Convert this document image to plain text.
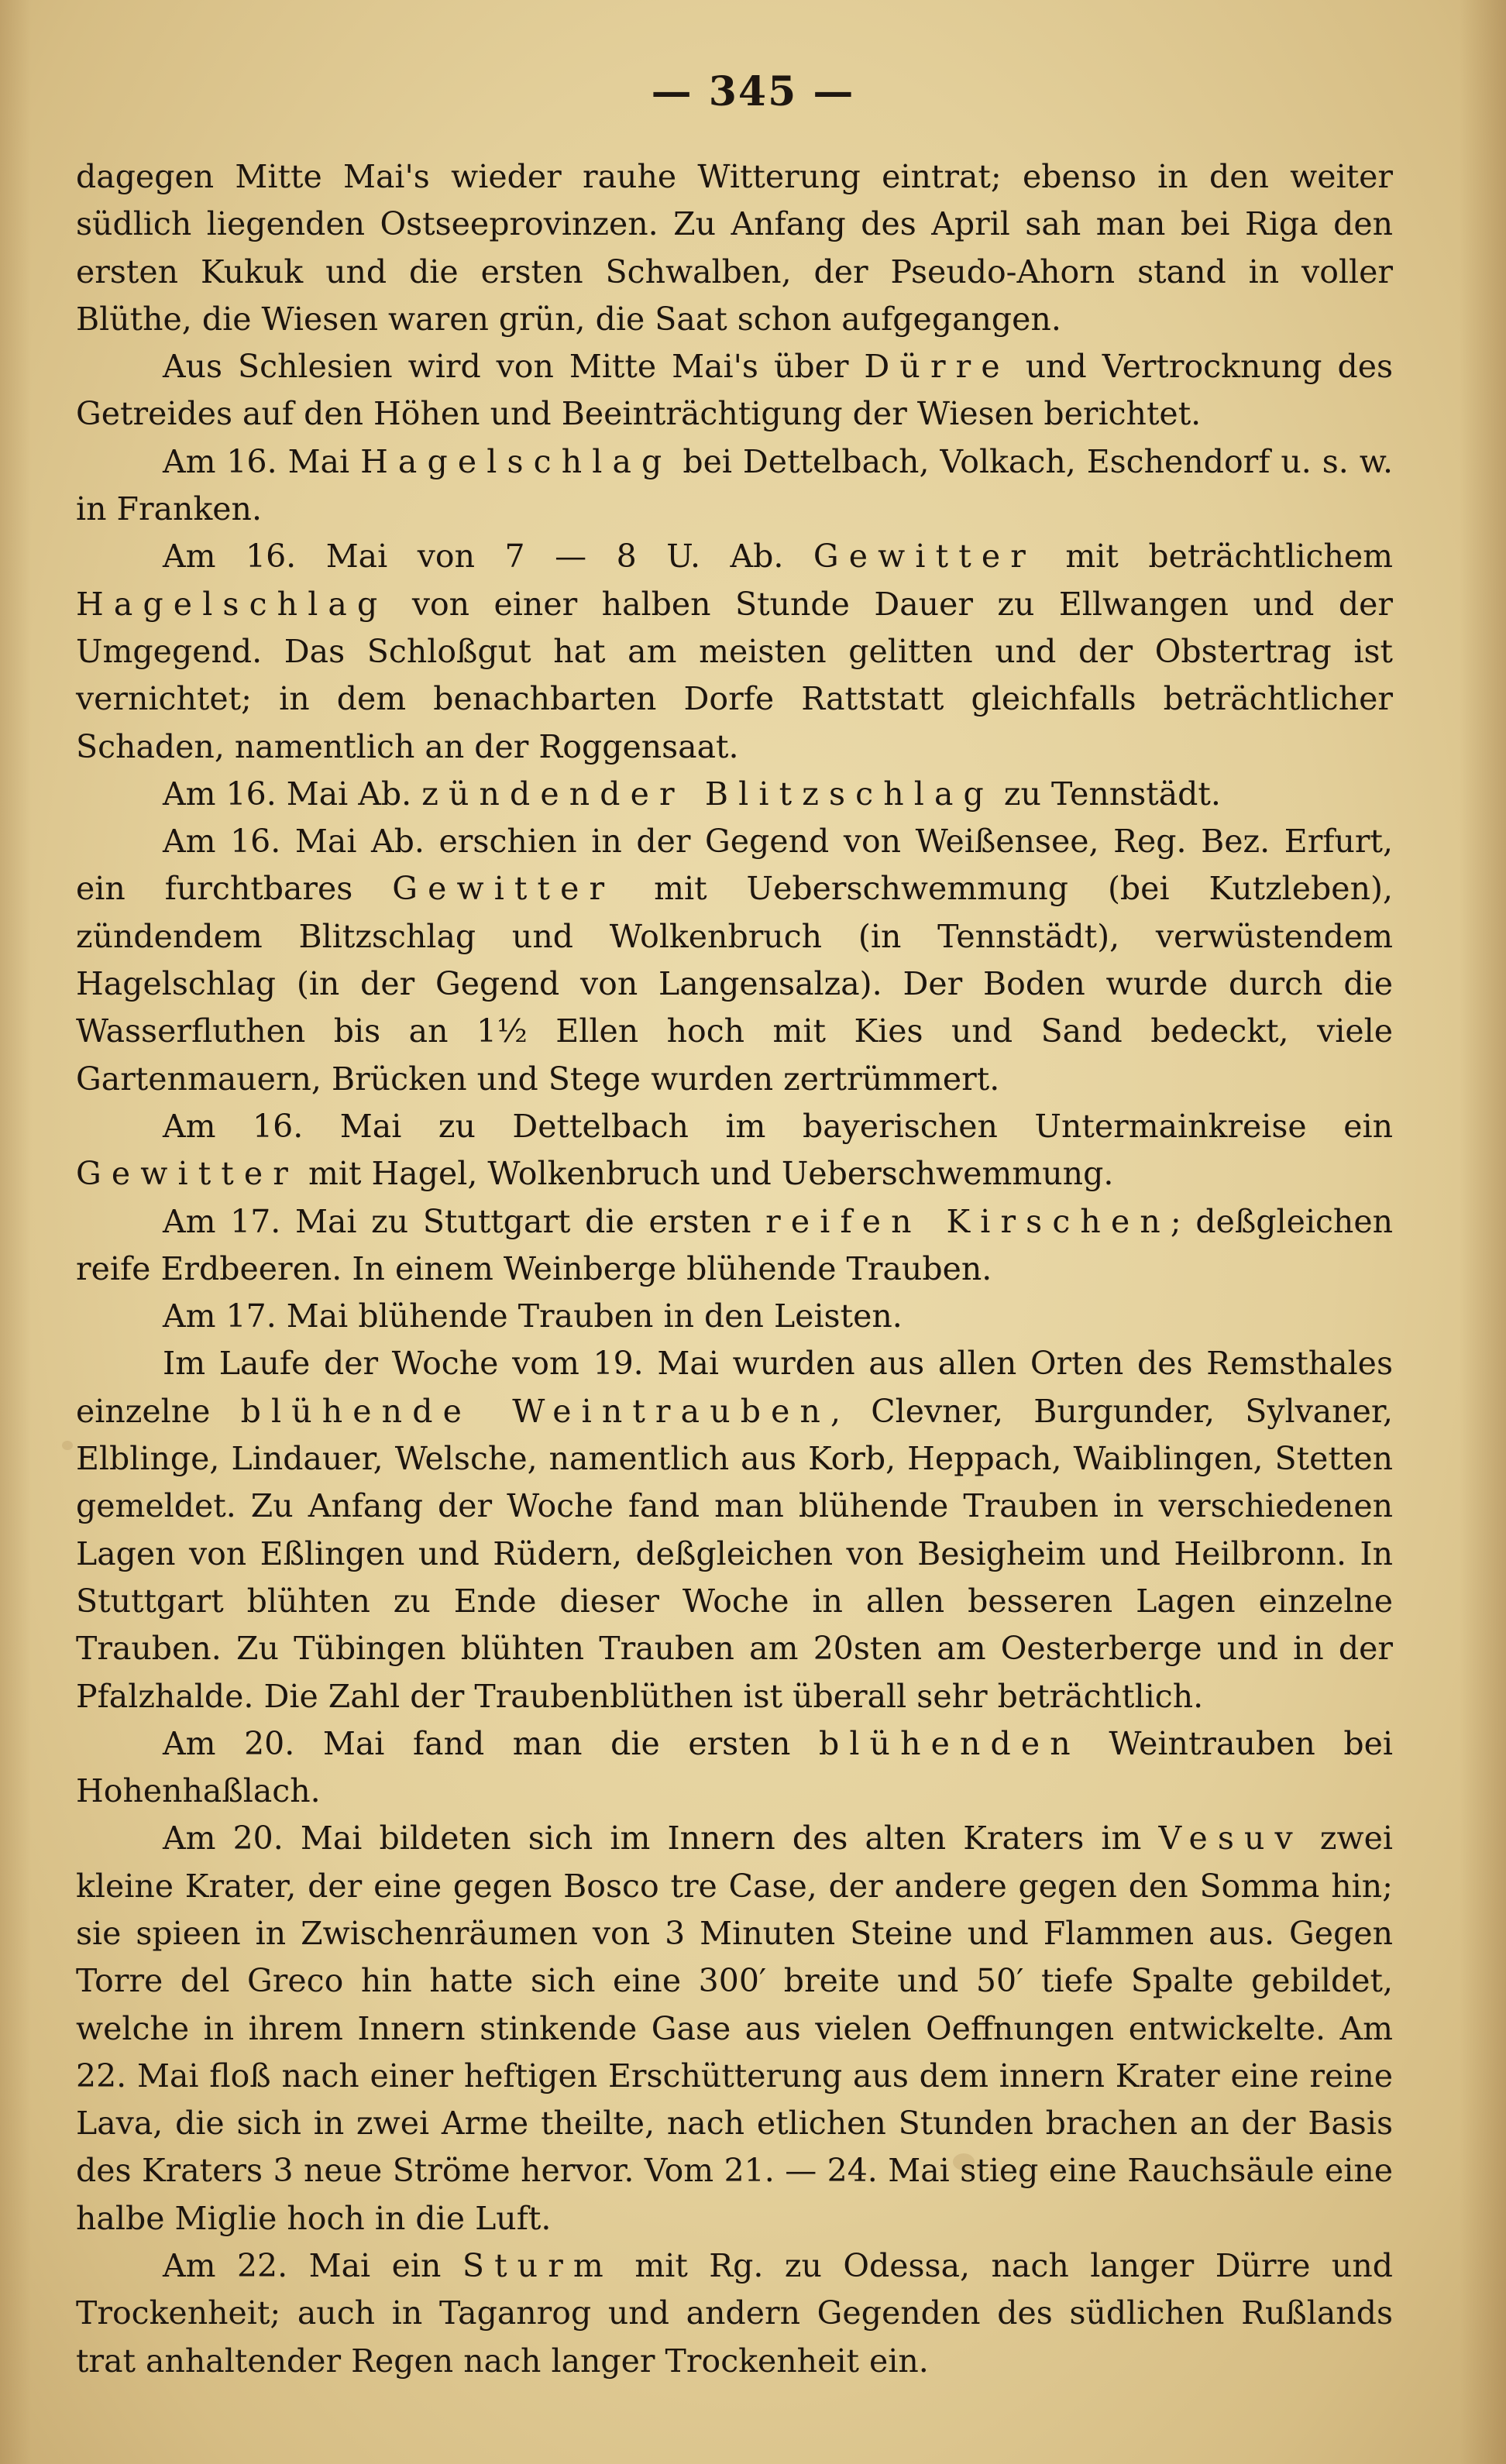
— 345 —

dagegen Mitte Mai's wieder rauhe Witterung eintrat; ebenso in den weiter südlich liegenden Ostseeprovinzen. Zu Anfang des April sah man bei Riga den ersten Kukuk und die ersten Schwalben, der Pseudo-Ahorn stand in voller Blüthe, die Wiesen waren grün, die Saat schon aufgegangen.

Aus Schlesien wird von Mitte Mai's über Dürre und Vertrocknung des Getreides auf den Höhen und Beeinträchtigung der Wiesen berichtet.

Am 16. Mai Hagelschlag bei Dettelbach, Volkach, Eschendorf u. s. w. in Franken.

Am 16. Mai von 7 — 8 U. Ab. Gewitter mit beträchtlichem Hagelschlag von einer halben Stunde Dauer zu Ellwangen und der Umgegend. Das Schloßgut hat am meisten gelitten und der Obstertrag ist vernichtet; in dem benachbarten Dorfe Rattstatt gleichfalls beträchtlicher Schaden, namentlich an der Roggensaat.

Am 16. Mai Ab. zündender Blitzschlag zu Tennstädt.

Am 16. Mai Ab. erschien in der Gegend von Weißensee, Reg. Bez. Erfurt, ein furchtbares Gewitter mit Ueberschwemmung (bei Kutzleben), zündendem Blitzschlag und Wolkenbruch (in Tennstädt), verwüstendem Hagelschlag (in der Gegend von Langensalza). Der Boden wurde durch die Wasserfluthen bis an 1½ Ellen hoch mit Kies und Sand bedeckt, viele Gartenmauern, Brücken und Stege wurden zertrümmert.

Am 16. Mai zu Dettelbach im bayerischen Untermainkreise ein Gewitter mit Hagel, Wolkenbruch und Ueberschwemmung.

Am 17. Mai zu Stuttgart die ersten reifen Kirschen; deßgleichen reife Erdbeeren. In einem Weinberge blühende Trauben.

Am 17. Mai blühende Trauben in den Leisten.

Im Laufe der Woche vom 19. Mai wurden aus allen Orten des Remsthales einzelne blühende Weintrauben, Clevner, Burgunder, Sylvaner, Elblinge, Lindauer, Welsche, namentlich aus Korb, Heppach, Waiblingen, Stetten gemeldet. Zu Anfang der Woche fand man blühende Trauben in verschiedenen Lagen von Eßlingen und Rüdern, deßgleichen von Besigheim und Heilbronn. In Stuttgart blühten zu Ende dieser Woche in allen besseren Lagen einzelne Trauben. Zu Tübingen blühten Trauben am 20sten am Oesterberge und in der Pfalzhalde. Die Zahl der Traubenblüthen ist überall sehr beträchtlich.

Am 20. Mai fand man die ersten blühenden Weintrauben bei Hohenhaßlach.

Am 20. Mai bildeten sich im Innern des alten Kraters im Vesuv zwei kleine Krater, der eine gegen Bosco tre Case, der andere gegen den Somma hin; sie spieen in Zwischenräumen von 3 Minuten Steine und Flammen aus. Gegen Torre del Greco hin hatte sich eine 300′ breite und 50′ tiefe Spalte gebildet, welche in ihrem Innern stinkende Gase aus vielen Oeffnungen entwickelte. Am 22. Mai floß nach einer heftigen Erschütterung aus dem innern Krater eine reine Lava, die sich in zwei Arme theilte, nach etlichen Stunden brachen an der Basis des Kraters 3 neue Ströme hervor. Vom 21. — 24. Mai stieg eine Rauchsäule eine halbe Miglie hoch in die Luft.

Am 22. Mai ein Sturm mit Rg. zu Odessa, nach langer Dürre und Trockenheit; auch in Taganrog und andern Gegenden des südlichen Rußlands trat anhaltender Regen nach langer Trockenheit ein.
